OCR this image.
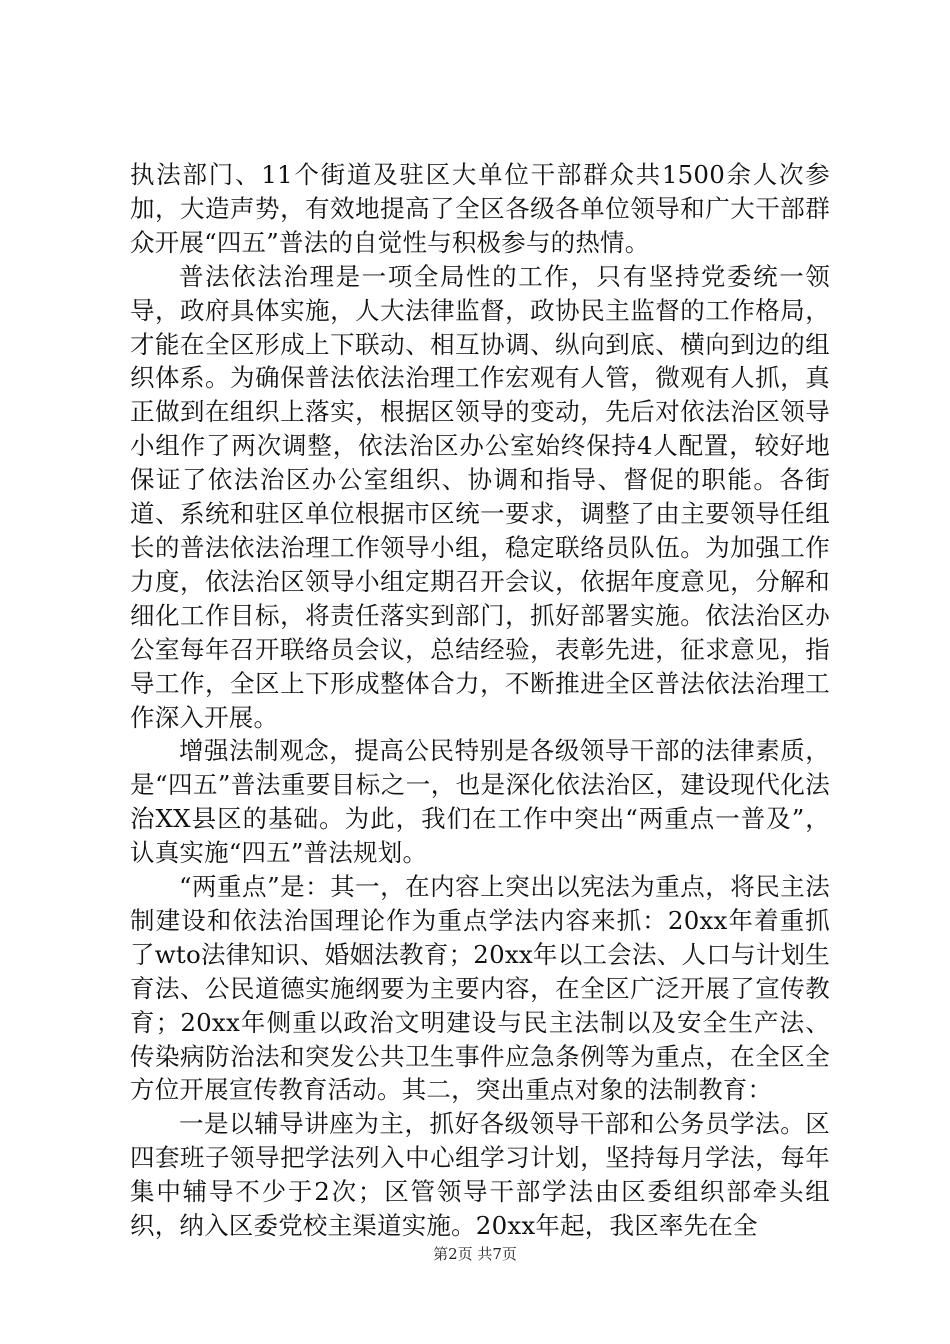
执法部门、11个街道及驻区大单位干部群众共1500余人次参加，大造声势，有效地提高了全区各级各单位领导和广大干部群众开展“四五”普法的自觉性与积极参与的热情。

普法依法治理是一项全局性的工作，只有坚持党委统一领导，政府具体实施，人大法律监督，政协民主监督的工作格局，才能在全区形成上下联动、相互协调、纵向到底、横向到边的组织体系。为确保普法依法治理工作宏观有人管，微观有人抓，真正做到在组织上落实，根据区领导的变动，先后对依法治区领导小组作了两次调整，依法治区办公室始终保持4人配置，较好地保证了依法治区办公室组织、协调和指导、督促的职能。各街道、系统和驻区单位根据市区统一要求，调整了由主要领导任组长的普法依法治理工作领导小组，稳定联络员队伍。为加强工作力度，依法治区领导小组定期召开会议，依据年度意见，分解和细化工作目标，将责任落实到部门，抓好部署实施。依法治区办公室每年召开联络员会议，总结经验，表彰先进，征求意见，指导工作，全区上下形成整体合力，不断推进全区普法依法治理工作深入开展。

增强法制观念，提高公民特别是各级领导干部的法律素质，是“四五”普法重要目标之一，也是深化依法治区，建设现代化法治XX县区的基础。为此，我们在工作中突出“两重点一普及”，认真实施“四五”普法规划。

“两重点”是：其一，在内容上突出以宪法为重点，将民主法制建设和依法治国理论作为重点学法内容来抓：20xx年着重抓了wto法律知识、婚姻法教育；20xx年以工会法、人口与计划生育法、公民道德实施纲要为主要内容，在全区广泛开展了宣传教育；20xx年侧重以政治文明建设与民主法制以及安全生产法、传染病防治法和突发公共卫生事件应急条例等为重点，在全区全方位开展宣传教育活动。其二，突出重点对象的法制教育：

一是以辅导讲座为主，抓好各级领导干部和公务员学法。区四套班子领导把学法列入中心组学习计划，坚持每月学法，每年集中辅导不少于2次；区管领导干部学法由区委组织部牵头组织，纳入区委党校主渠道实施。20xx年起，我区率先在全

第2页 共7页
